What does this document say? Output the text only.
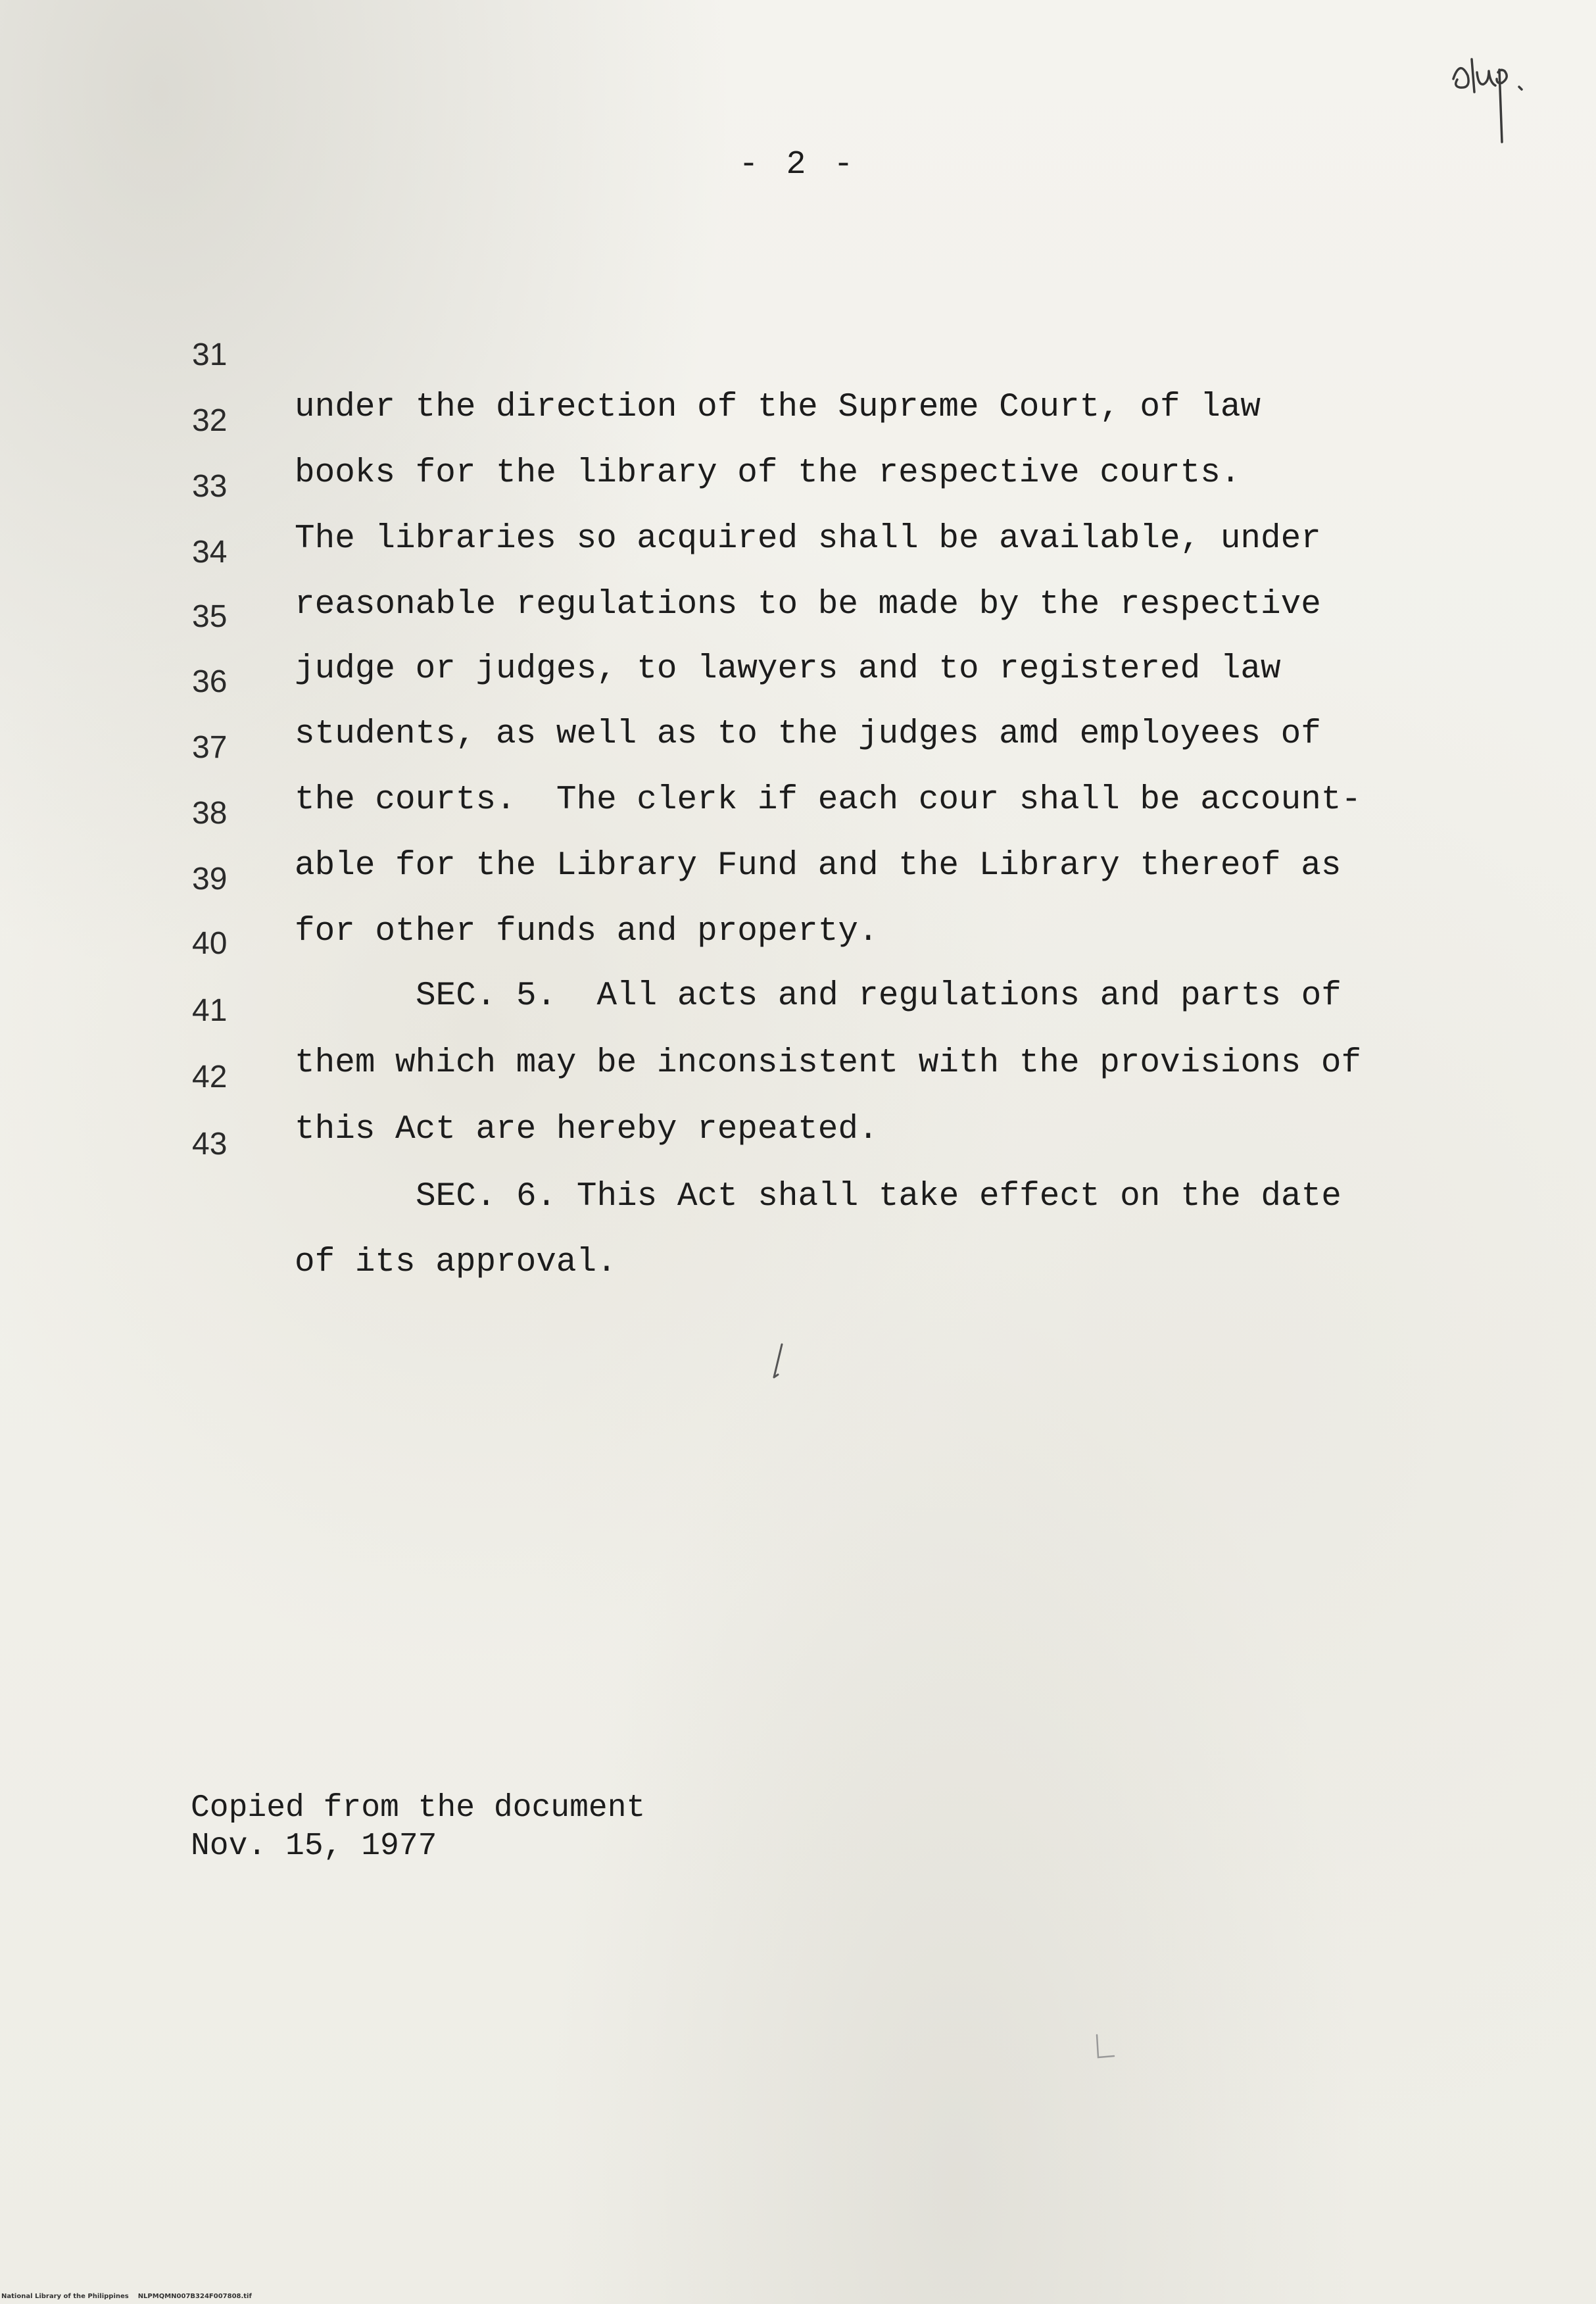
- 2 -

31

under the direction of the Supreme Court, of law

32

books for the library of the respective courts.

33

The libraries so acquired shall be available, under

34

reasonable regulations to be made by the respective

35

judge or judges, to lawyers and to registered law

36

students, as well as to the judges amd employees of

37

the courts.  The clerk if each cour shall be account-

38

able for the Library Fund and the Library thereof as

39

for other funds and property.

40

SEC. 5.  All acts and regulations and parts of

41

them which may be inconsistent with the provisions of

42

this Act are hereby repeated.

43

SEC. 6. This Act shall take effect on the date

of its approval.

Copied from the document
Nov. 15, 1977
National Library of the Philippines NLPMQMN007B324F007808.tif
